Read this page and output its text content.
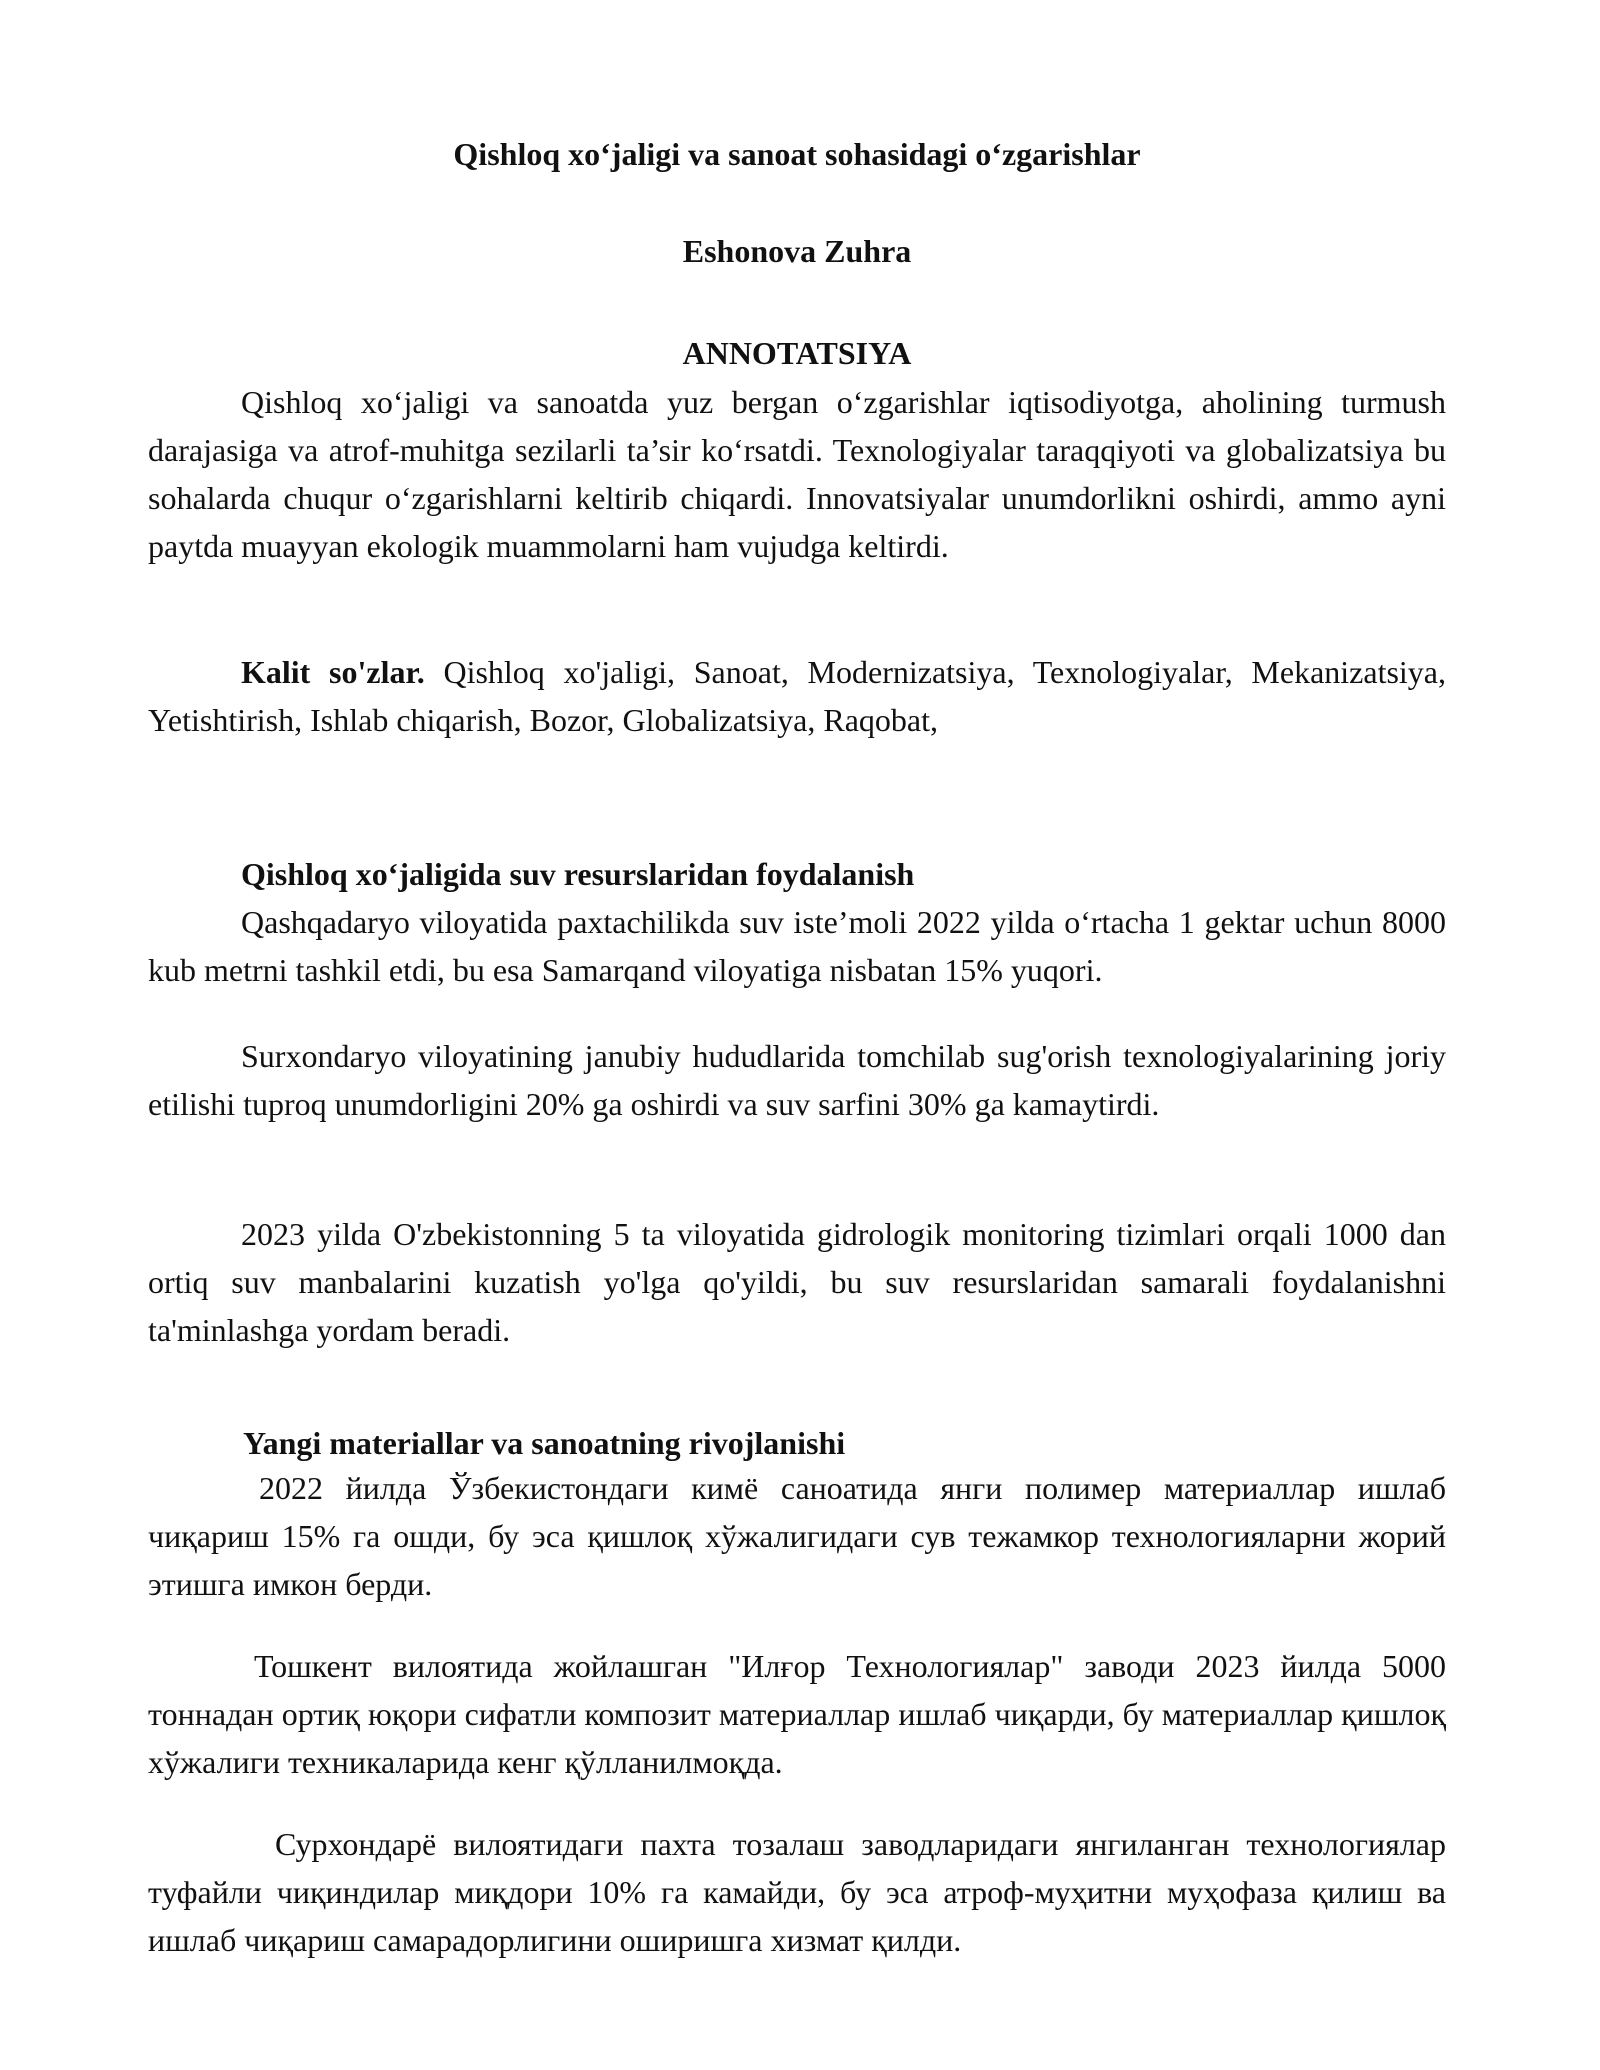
Qishloq xo‘jaligi va sanoat sohasidagi o‘zgarishlar

Eshonova Zuhra

ANNOTATSIYA

Qishloq xo‘jaligi va sanoatda yuz bergan o‘zgarishlar iqtisodiyotga, aholining turmush darajasiga va atrof-muhitga sezilarli ta’sir ko‘rsatdi. Texnologiyalar taraqqiyoti va globalizatsiya bu sohalarda chuqur o‘zgarishlarni keltirib chiqardi. Innovatsiyalar unumdorlikni oshirdi, ammo ayni paytda muayyan ekologik muammolarni ham vujudga keltirdi.

Kalit so'zlar. Qishloq xo'jaligi, Sanoat, Modernizatsiya, Texnologiyalar, Mekanizatsiya, Yetishtirish, Ishlab chiqarish, Bozor, Globalizatsiya, Raqobat,

Qishloq xo‘jaligida suv resurslaridan foydalanish

Qashqadaryo viloyatida paxtachilikda suv iste’moli 2022 yilda o‘rtacha 1 gektar uchun 8000 kub metrni tashkil etdi, bu esa Samarqand viloyatiga nisbatan 15% yuqori.

Surxondaryo viloyatining janubiy hududlarida tomchilab sug'orish texnologiyalarining joriy etilishi tuproq unumdorligini 20% ga oshirdi va suv sarfini 30% ga kamaytirdi.

2023 yilda O'zbekistonning 5 ta viloyatida gidrologik monitoring tizimlari orqali 1000 dan ortiq suv manbalarini kuzatish yo'lga qo'yildi, bu suv resurslaridan samarali foydalanishni ta'minlashga yordam beradi.

Yangi materiallar va sanoatning rivojlanishi

2022 йилда Ўзбекистондаги кимё саноатида янги полимер материаллар ишлаб чиқариш 15% га ошди, бу эса қишлоқ хўжалигидаги сув тежамкор технологияларни жорий этишга имкон берди.

Тошкент вилоятида жойлашган "Илғор Технологиялар" заводи 2023 йилда 5000 тоннадан ортиқ юқори сифатли композит материаллар ишлаб чиқарди, бу материаллар қишлоқ хўжалиги техникаларида кенг қўлланилмоқда.

Сурхондарё вилоятидаги пахта тозалаш заводларидаги янгиланган технологиялар туфайли чиқиндилар миқдори 10% га камайди, бу эса атроф-муҳитни муҳофаза қилиш ва ишлаб чиқариш самарадорлигини оширишга хизмат қилди.
